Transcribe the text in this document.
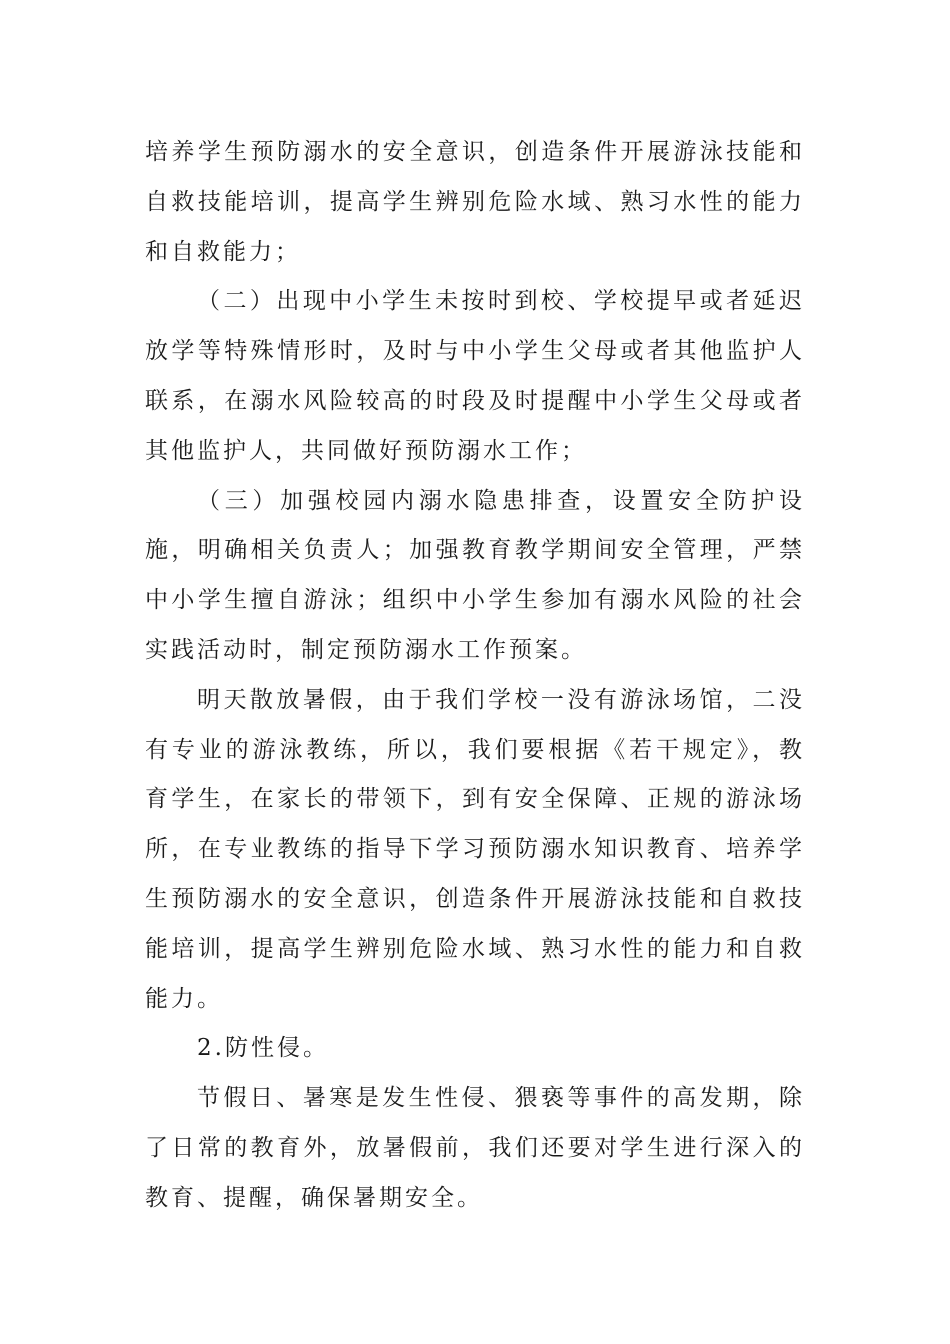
培养学生预防溺水的安全意识，创造条件开展游泳技能和自救技能培训，提高学生辨别危险水域、熟习水性的能力和自救能力；

（二）出现中小学生未按时到校、学校提早或者延迟放学等特殊情形时，及时与中小学生父母或者其他监护人联系，在溺水风险较高的时段及时提醒中小学生父母或者其他监护人，共同做好预防溺水工作；

（三）加强校园内溺水隐患排查，设置安全防护设施，明确相关负责人；加强教育教学期间安全管理，严禁中小学生擅自游泳；组织中小学生参加有溺水风险的社会实践活动时，制定预防溺水工作预案。

明天散放暑假，由于我们学校一没有游泳场馆，二没有专业的游泳教练，所以，我们要根据《若干规定》，教育学生，在家长的带领下，到有安全保障、正规的游泳场所，在专业教练的指导下学习预防溺水知识教育、培养学生预防溺水的安全意识，创造条件开展游泳技能和自救技能培训，提高学生辨别危险水域、熟习水性的能力和自救能力。

2.防性侵。

节假日、暑寒是发生性侵、猥亵等事件的高发期，除了日常的教育外，放暑假前，我们还要对学生进行深入的教育、提醒，确保暑期安全。
